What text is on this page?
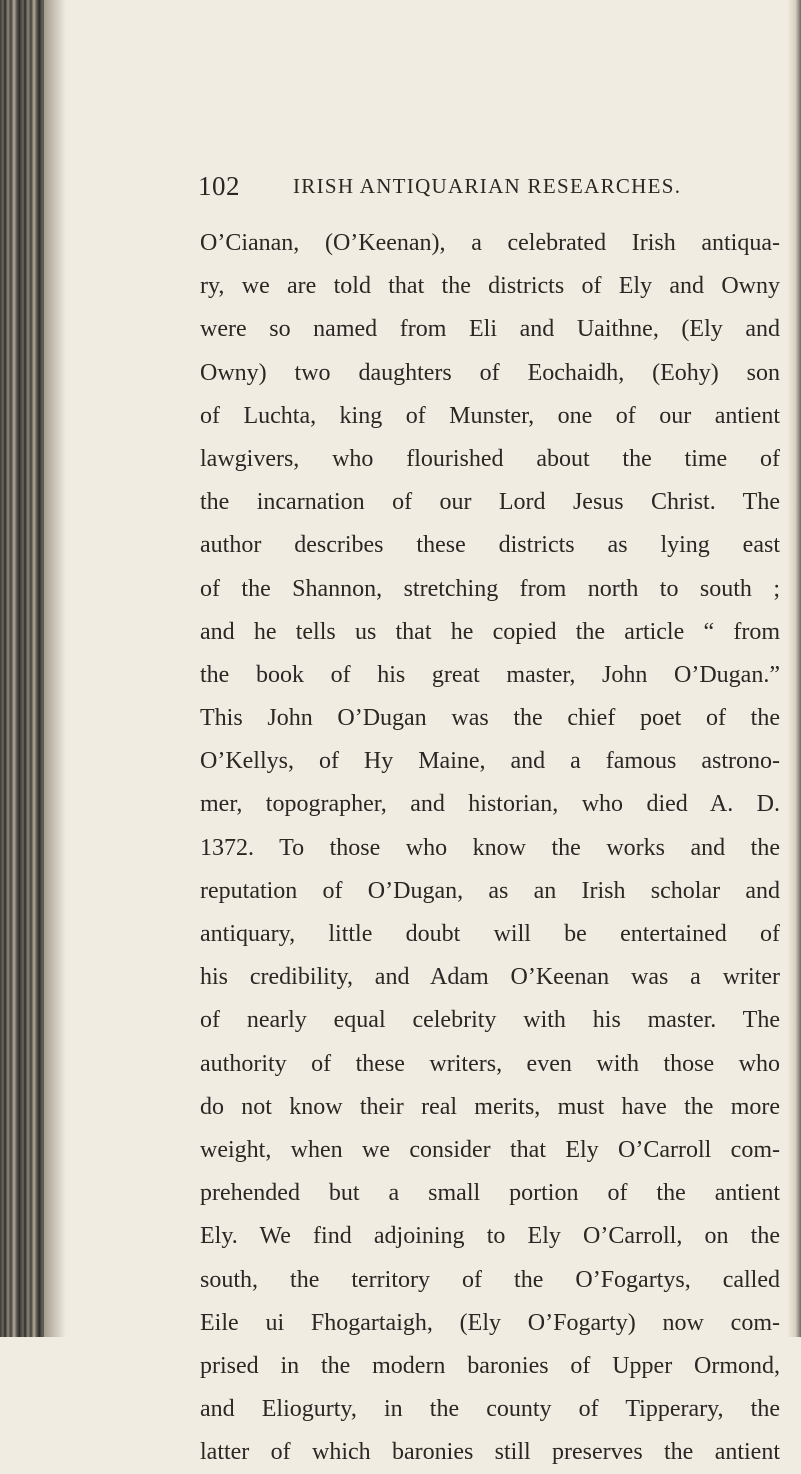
102	IRISH ANTIQUARIAN RESEARCHES.
O’Cianan, (O’Keenan), a celebrated Irish antiqua-
ry, we are told that the districts of Ely and Owny
were so named from Eli and Uaithne, (Ely and
Owny) two daughters of Eochaidh, (Eohy) son
of Luchta, king of Munster, one of our antient
lawgivers, who flourished about the time of
the incarnation of our Lord Jesus Christ. The
author describes these districts as lying east
of the Shannon, stretching from north to south ;
and he tells us that he copied the article “ from
the book of his great master, John O’Dugan.”
This John O’Dugan was the chief poet of the
O’Kellys, of Hy Maine, and a famous astrono-
mer, topographer, and historian, who died A. D.
1372. To those who know the works and the
reputation of O’Dugan, as an Irish scholar and
antiquary, little doubt will be entertained of
his credibility, and Adam O’Keenan was a writer
of nearly equal celebrity with his master. The
authority of these writers, even with those who
do not know their real merits, must have the more
weight, when we consider that Ely O’Carroll com-
prehended but a small portion of the antient
Ely. We find adjoining to Ely O’Carroll, on the
south, the territory of the O’Fogartys, called
Eile ui Fhogartaigh, (Ely O’Fogarty) now com-
prised in the modern baronies of Upper Ormond,
and Eliogurty, in the county of Tipperary, the
latter of which baronies still preserves the antient
